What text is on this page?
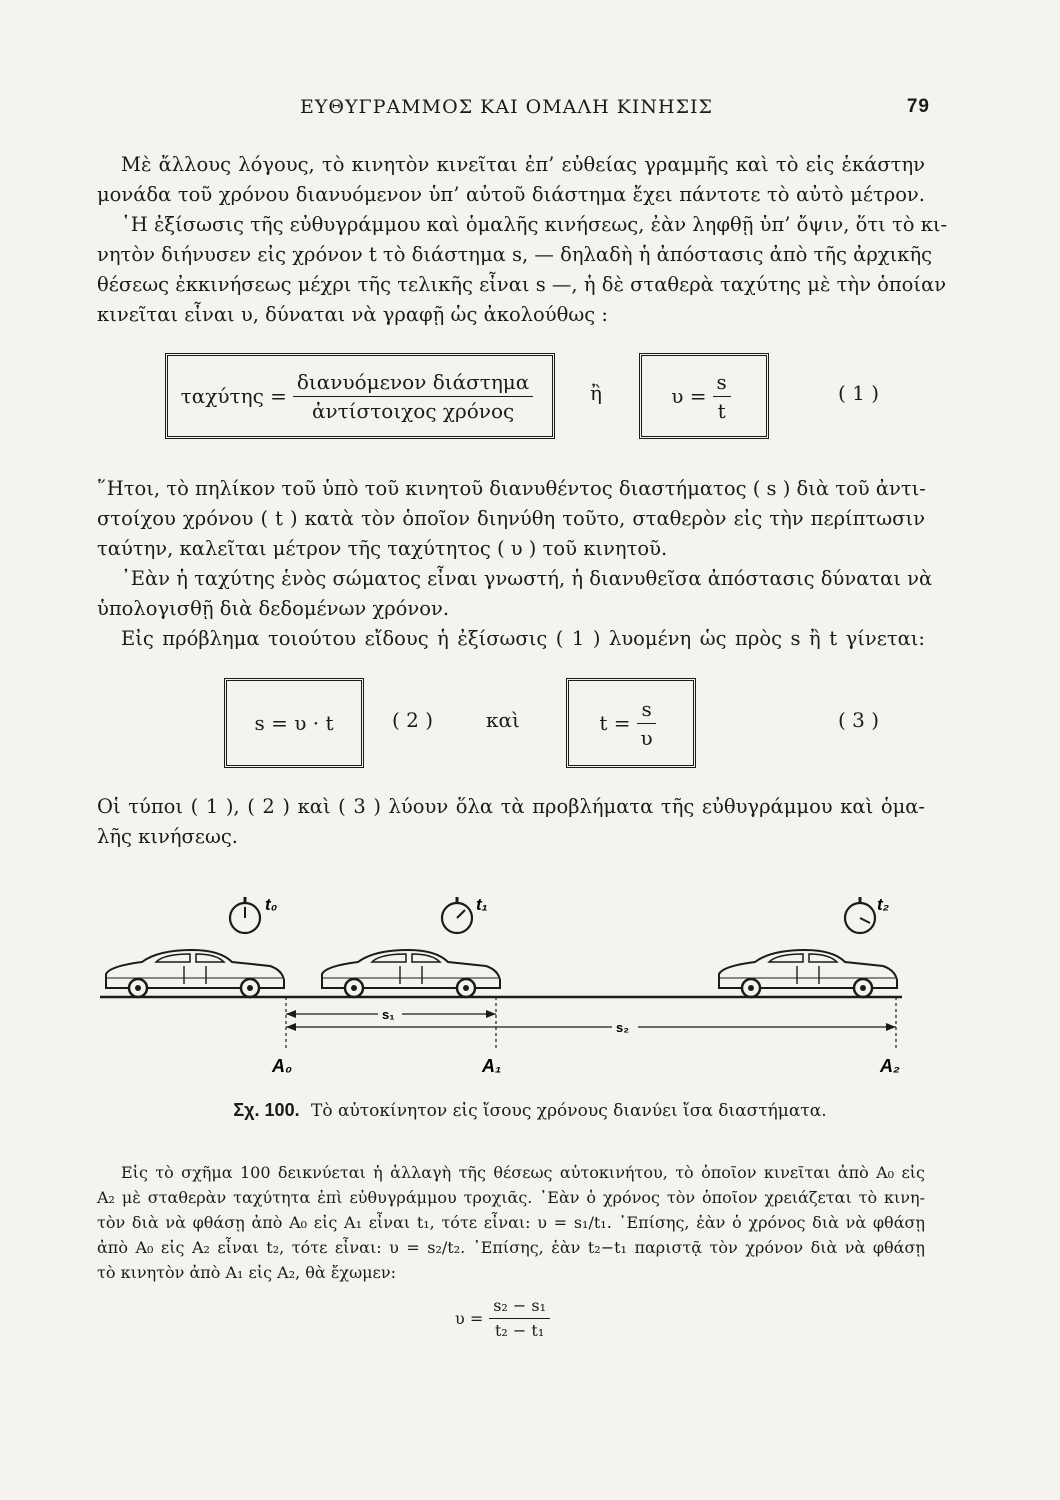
ΕΥΘΥΓΡΑΜΜΟΣ ΚΑΙ ΟΜΑΛΗ ΚΙΝΗΣΙΣ	79
Μὲ ἄλλους λόγους, τὸ κινητὸν κινεῖται ἐπ’ εὐθείας γραμμῆς καὶ τὸ εἰς ἑκάστην
μονάδα τοῦ χρόνου διανυόμενον ὑπ’ αὐτοῦ διάστημα ἔχει πάντοτε τὸ αὐτὸ μέτρον.
῾Η ἐξίσωσις τῆς εὐθυγράμμου καὶ ὁμαλῆς κινήσεως, ἐὰν ληφθῇ ὑπ’ ὄψιν, ὅτι τὸ κι-
νητὸν διήνυσεν εἰς χρόνον t τὸ διάστημα s, — δηλαδὴ ἡ ἀπόστασις ἀπὸ τῆς ἀρχικῆς
θέσεως ἐκκινήσεως μέχρι τῆς τελικῆς εἶναι s —, ἡ δὲ σταθερὰ ταχύτης μὲ τὴν ὁποίαν
κινεῖται εἶναι υ, δύναται νὰ γραφῇ ὡς ἀκολούθως :
$\tau\alpha\chi ύ\tau\eta\varsigma = \frac{\text{διανυόμενον διάστημα}}{\text{ἀντίστοιχος χρόνος}}$	ἢ	$\upsilon = \frac{s}{t}$	( 1 )
῞Ητοι, τὸ πηλίκον τοῦ ὑπὸ τοῦ κινητοῦ διανυθέντος διαστήματος ( s ) διὰ τοῦ ἀντι-
στοίχου χρόνου ( t ) κατὰ τὸν ὁποῖον διηνύθη τοῦτο, σταθερὸν εἰς τὴν περίπτωσιν
ταύτην, καλεῖται μέτρον τῆς ταχύτητος ( υ ) τοῦ κινητοῦ.
᾿Εὰν ἡ ταχύτης ἑνὸς σώματος εἶναι γνωστή, ἡ διανυθεῖσα ἀπόστασις δύναται νὰ
ὑπολογισθῇ διὰ δεδομένων χρόνον.
Εἰς πρόβλημα τοιούτου εἴδους ἡ ἐξίσωσις ( 1 ) λυομένη ὡς πρὸς s ἢ t γίνεται:
s = υ · t	( 2 )	καὶ	$t = \frac{s}{\upsilon}$	( 3 )
Οἱ τύποι ( 1 ), ( 2 ) καὶ ( 3 ) λύουν ὅλα τὰ προβλήματα τῆς εὐθυγράμμου καὶ ὁμα-
λῆς κινήσεως.
t₀	t₁	t₂
s₁
s₂
A₀	A₁	A₂
Σχ. 100. Τὸ αὐτοκίνητον εἰς ἴσους χρόνους διανύει ἴσα διαστήματα.
Εἰς τὸ σχῆμα 100 δεικνύεται ἡ ἀλλαγὴ τῆς θέσεως αὐτοκινήτου, τὸ ὁποῖον κινεῖται ἀπὸ A₀ εἰς
A₂ μὲ σταθερὰν ταχύτητα ἐπὶ εὐθυγράμμου τροχιᾶς. ᾿Εὰν ὁ χρόνος τὸν ὁποῖον χρειάζεται τὸ κινη-
τὸν διὰ νὰ φθάσῃ ἀπὸ A₀ εἰς A₁ εἶναι t₁, τότε εἶναι: υ = s₁/t₁. ᾿Επίσης, ἐὰν ὁ χρόνος διὰ νὰ φθάσῃ
ἀπὸ A₀ εἰς A₂ εἶναι t₂, τότε εἶναι: υ = s₂/t₂. ᾿Επίσης, ἐὰν t₂−t₁ παριστᾷ τὸν χρόνον διὰ νὰ φθάσῃ
τὸ κινητὸν ἀπὸ A₁ εἰς A₂, θὰ ἔχωμεν:
$\upsilon = \frac{\text{s₂ − s₁}}{\text{t₂ − t₁}}$
